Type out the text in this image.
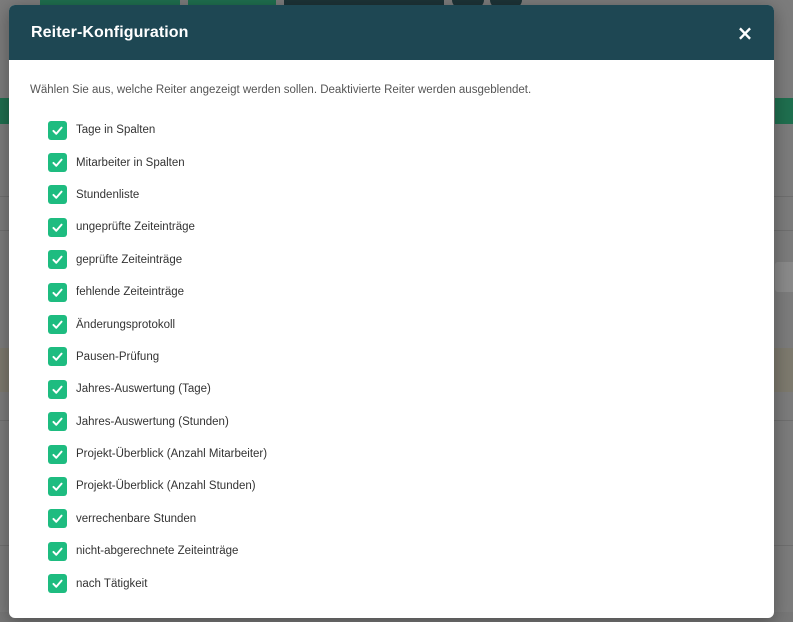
Reiter-Konfiguration	×

Wählen Sie aus, welche Reiter angezeigt werden sollen. Deaktivierte Reiter werden ausgeblendet.

Tage in Spalten
Mitarbeiter in Spalten
Stundenliste
ungeprüfte Zeiteinträge
geprüfte Zeiteinträge
fehlende Zeiteinträge
Änderungsprotokoll
Pausen-Prüfung
Jahres-Auswertung (Tage)
Jahres-Auswertung (Stunden)
Projekt-Überblick (Anzahl Mitarbeiter)
Projekt-Überblick (Anzahl Stunden)
verrechenbare Stunden
nicht-abgerechnete Zeiteinträge
nach Tätigkeit
